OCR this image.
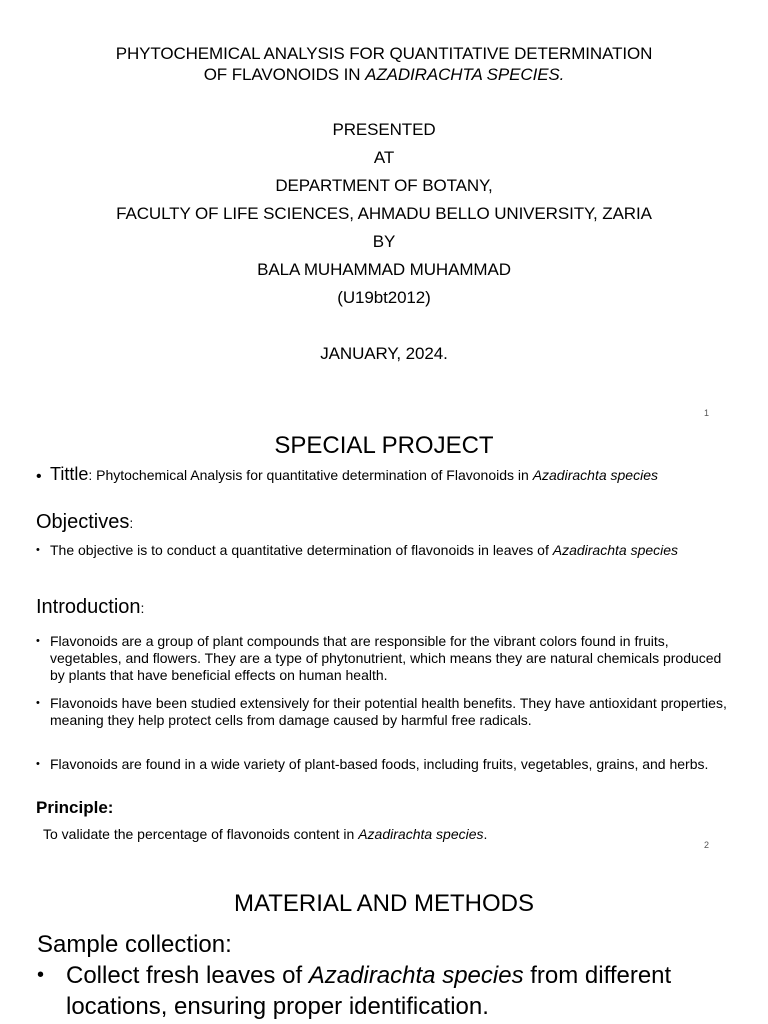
PHYTOCHEMICAL ANALYSIS FOR QUANTITATIVE DETERMINATION
OF FLAVONOIDS IN AZADIRACHTA SPECIES.
PRESENTED
AT
DEPARTMENT OF BOTANY,
FACULTY OF LIFE SCIENCES, AHMADU BELLO UNIVERSITY, ZARIA
BY
BALA MUHAMMAD MUHAMMAD
(U19bt2012)
JANUARY, 2024.
1
SPECIAL PROJECT
• Tittle: Phytochemical Analysis for quantitative determination of Flavonoids in Azadirachta species
Objectives:
• The objective is to conduct a quantitative determination of flavonoids in leaves of Azadirachta species
Introduction:
• Flavonoids are a group of plant compounds that are responsible for the vibrant colors found in fruits, vegetables, and flowers. They are a type of phytonutrient, which means they are natural chemicals produced by plants that have beneficial effects on human health.
• Flavonoids have been studied extensively for their potential health benefits. They have antioxidant properties, meaning they help protect cells from damage caused by harmful free radicals.
• Flavonoids are found in a wide variety of plant-based foods, including fruits, vegetables, grains, and herbs.
Principle:
To validate the percentage of flavonoids content in Azadirachta species.
2
MATERIAL AND METHODS
Sample collection:
• Collect fresh leaves of Azadirachta species from different locations, ensuring proper identification.
